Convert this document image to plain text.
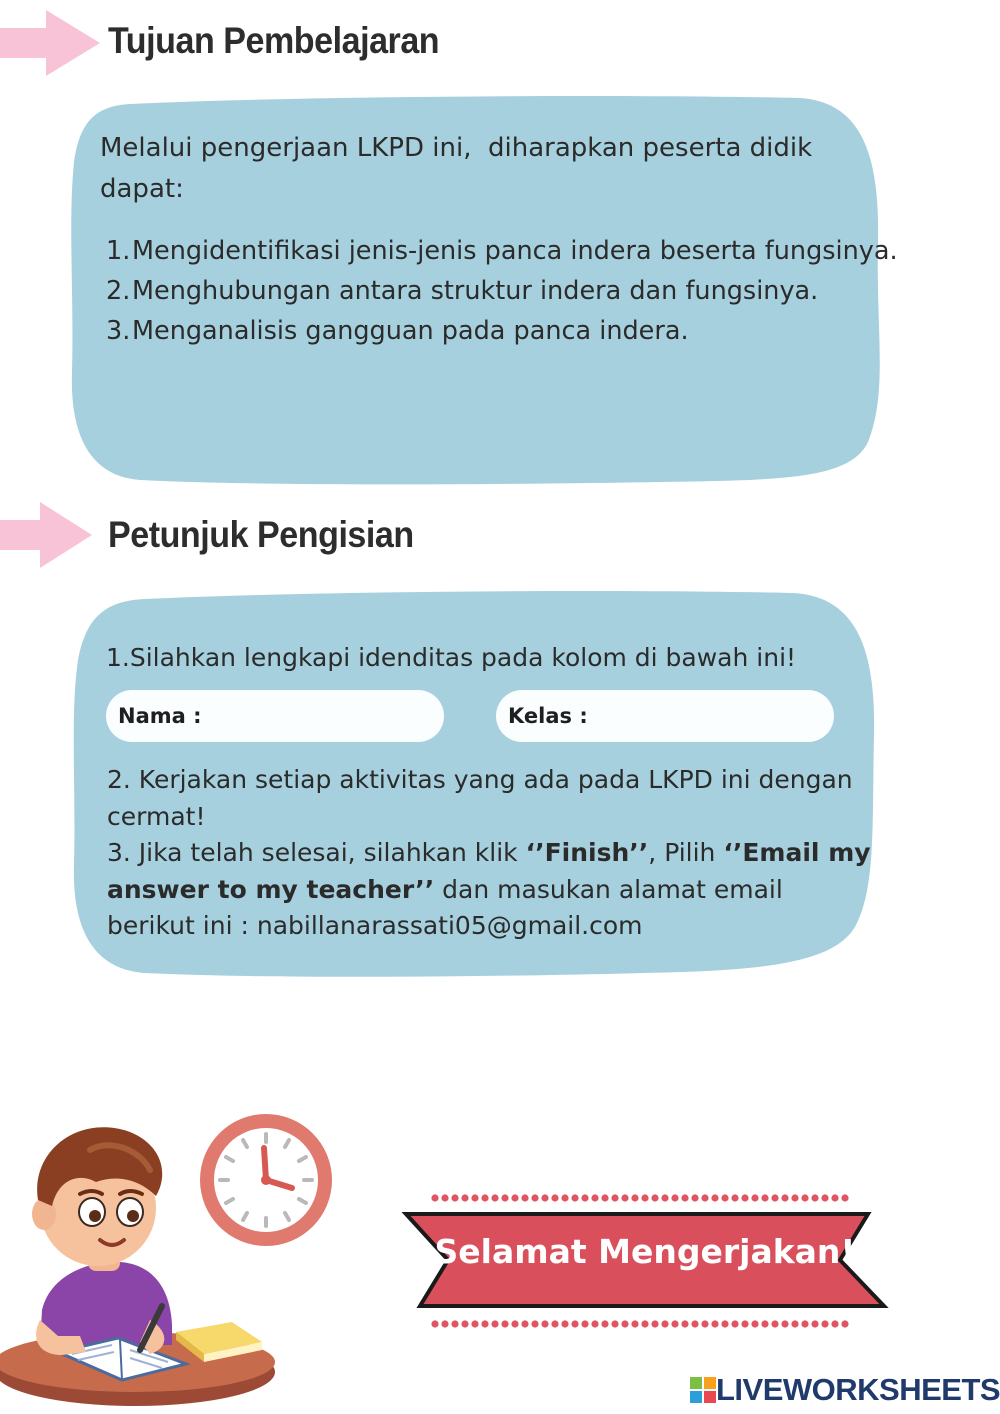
Tujuan Pembelajaran
Melalui pengerjaan LKPD ini,  diharapkan peserta didik
dapat:
1.Mengidentifikasi jenis-jenis panca indera beserta fungsinya.
2.Menghubungan antara struktur indera dan fungsinya.
3.Menganalisis gangguan pada panca indera.
Petunjuk Pengisian
1.Silahkan lengkapi idenditas pada kolom di bawah ini!
Nama :	Kelas :
2. Kerjakan setiap aktivitas yang ada pada LKPD ini dengan cermat!
3. Jika telah selesai, silahkan klik ‘’Finish’’, Pilih ‘’Email my answer to my teacher’’ dan masukan alamat email berikut ini : nabillanarassati05@gmail.com
Selamat Mengerjakan!
LIVEWORKSHEETS
